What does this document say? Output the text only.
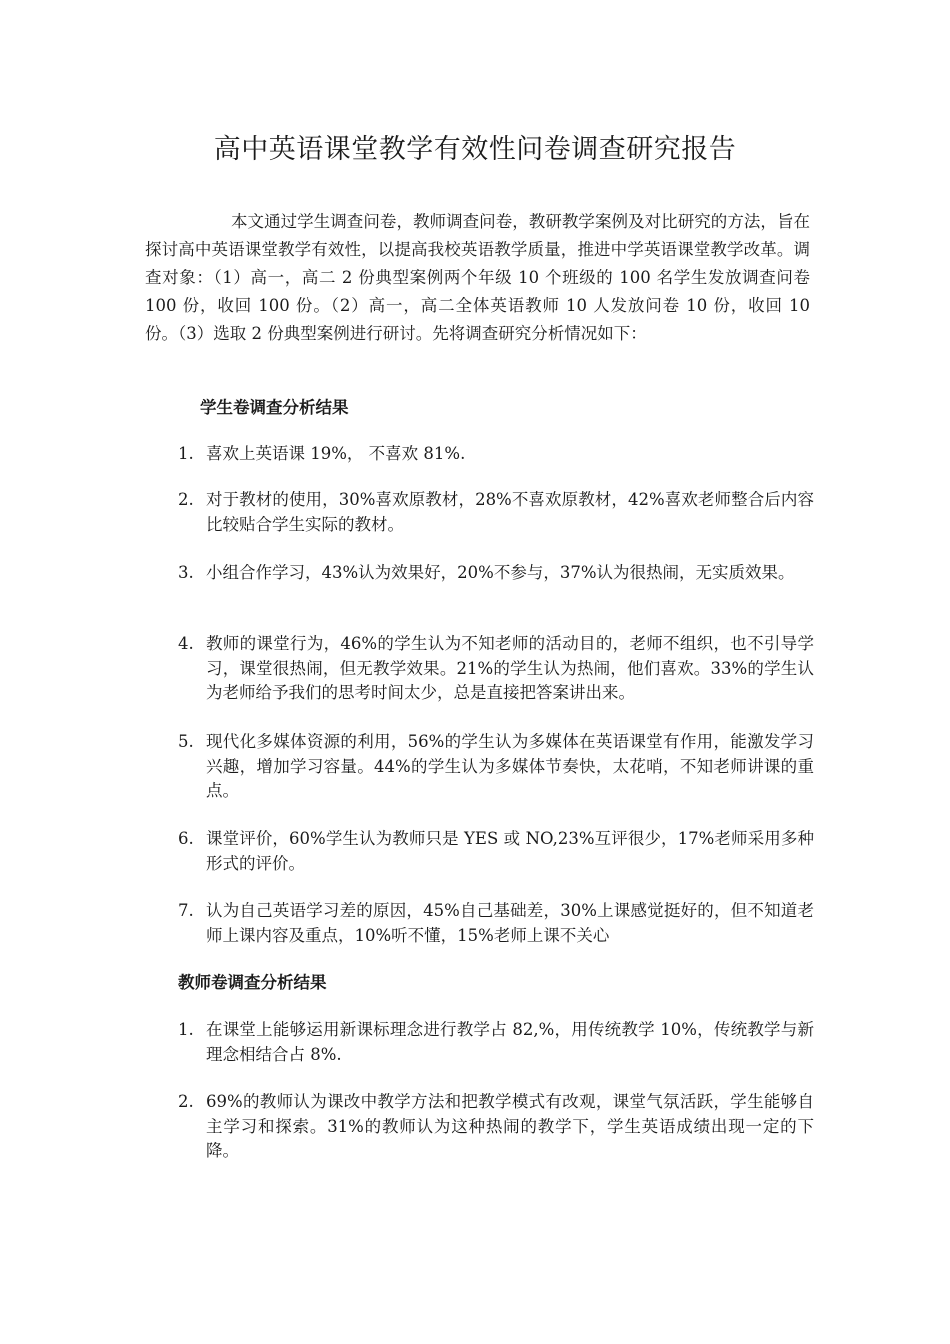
高中英语课堂教学有效性问卷调查研究报告

本文通过学生调查问卷，教师调查问卷，教研教学案例及对比研究的方法，旨在探讨高中英语课堂教学有效性，以提高我校英语教学质量，推进中学英语课堂教学改革。调查对象：（1）高一，高二 2 份典型案例两个年级 10 个班级的 100 名学生发放调查问卷 100 份，收回 100 份。（2）高一，高二全体英语教师 10 人发放问卷 10 份，收回 10 份。（3）选取 2 份典型案例进行研讨。先将调查研究分析情况如下：

学生卷调查分析结果
1. 喜欢上英语课 19%， 不喜欢 81%.
2. 对于教材的使用，30%喜欢原教材，28%不喜欢原教材，42%喜欢老师整合后内容比较贴合学生实际的教材。
3. 小组合作学习，43%认为效果好，20%不参与，37%认为很热闹，无实质效果。
4. 教师的课堂行为，46%的学生认为不知老师的活动目的，老师不组织，也不引导学习，课堂很热闹，但无教学效果。21%的学生认为热闹，他们喜欢。33%的学生认为老师给予我们的思考时间太少，总是直接把答案讲出来。
5. 现代化多媒体资源的利用，56%的学生认为多媒体在英语课堂有作用，能激发学习兴趣，增加学习容量。44%的学生认为多媒体节奏快，太花哨，不知老师讲课的重点。
6. 课堂评价，60%学生认为教师只是 YES 或 NO,23%互评很少，17%老师采用多种形式的评价。
7. 认为自己英语学习差的原因，45%自己基础差，30%上课感觉挺好的，但不知道老师上课内容及重点，10%听不懂，15%老师上课不关心
教师卷调查分析结果
1. 在课堂上能够运用新课标理念进行教学占 82,%，用传统教学 10%，传统教学与新理念相结合占 8%.
2. 69%的教师认为课改中教学方法和把教学模式有改观，课堂气氛活跃，学生能够自主学习和探索。31%的教师认为这种热闹的教学下，学生英语成绩出现一定的下降。
